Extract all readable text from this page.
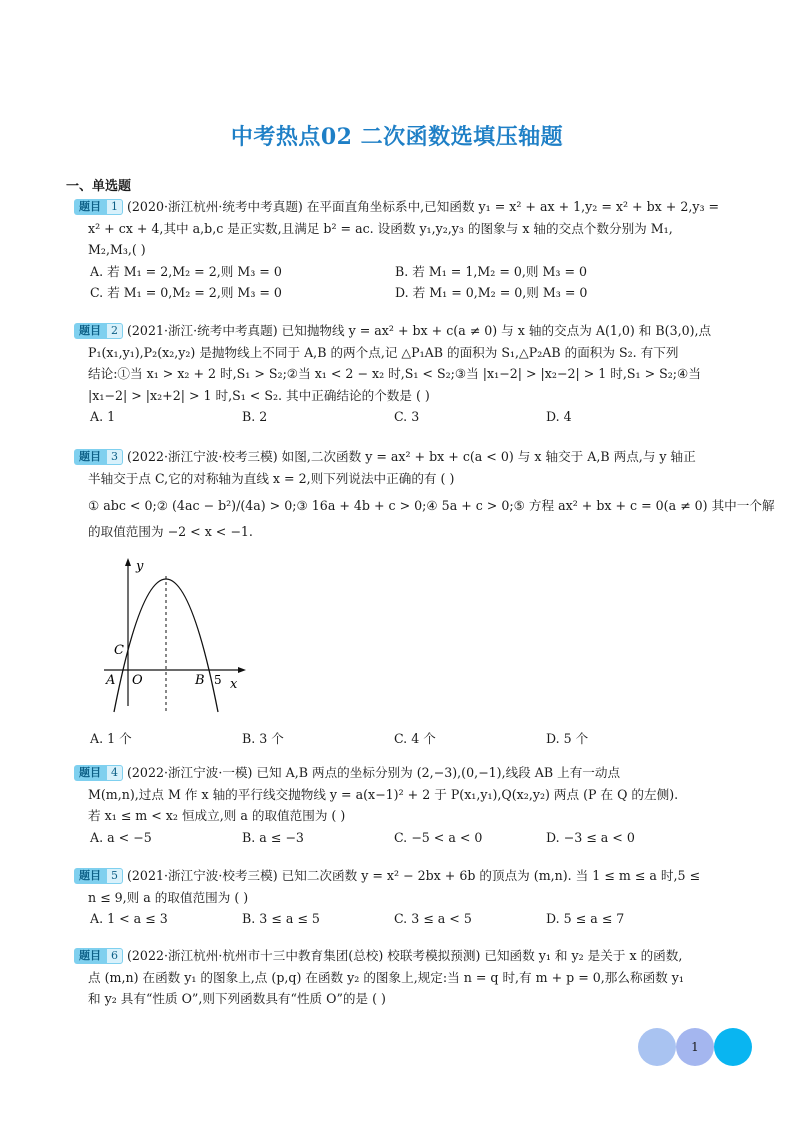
中考热点02 二次函数选填压轴题
一、单选题
题目 1 (2020·浙江杭州·统考中考真题) 在平面直角坐标系中,已知函数 y₁ = x² + ax + 1,y₂ = x² + bx + 2,y₃ =
x² + cx + 4,其中 a,b,c 是正实数,且满足 b² = ac. 设函数 y₁,y₂,y₃ 的图象与 x 轴的交点个数分别为 M₁,
M₂,M₃,( )
A. 若 M₁ = 2,M₂ = 2,则 M₃ = 0	B. 若 M₁ = 1,M₂ = 0,则 M₃ = 0
C. 若 M₁ = 0,M₂ = 2,则 M₃ = 0	D. 若 M₁ = 0,M₂ = 0,则 M₃ = 0
题目 2 (2021·浙江·统考中考真题) 已知抛物线 y = ax² + bx + c(a ≠ 0) 与 x 轴的交点为 A(1,0) 和 B(3,0),点
P₁(x₁,y₁),P₂(x₂,y₂) 是抛物线上不同于 A,B 的两个点,记 △P₁AB 的面积为 S₁,△P₂AB 的面积为 S₂. 有下列
结论:①当 x₁ > x₂ + 2 时,S₁ > S₂;②当 x₁ < 2 − x₂ 时,S₁ < S₂;③当 |x₁−2| > |x₂−2| > 1 时,S₁ > S₂;④当
|x₁−2| > |x₂+2| > 1 时,S₁ < S₂. 其中正确结论的个数是 ( )
A. 1	B. 2	C. 3	D. 4
题目 3 (2022·浙江宁波·校考三模) 如图,二次函数 y = ax² + bx + c(a < 0) 与 x 轴交于 A,B 两点,与 y 轴正
半轴交于点 C,它的对称轴为直线 x = 2,则下列说法中正确的有 ( )
① abc < 0;② (4ac − b²)/(4a) > 0;③ 16a + 4b + c > 0;④ 5a + c > 0;⑤ 方程 ax² + bx + c = 0(a ≠ 0) 其中一个解
的取值范围为 −2 < x < −1.
y
x
C
A O	B 5
A. 1 个	B. 3 个	C. 4 个	D. 5 个
题目 4 (2022·浙江宁波·一模) 已知 A,B 两点的坐标分别为 (2,−3),(0,−1),线段 AB 上有一动点
M(m,n),过点 M 作 x 轴的平行线交抛物线 y = a(x−1)² + 2 于 P(x₁,y₁),Q(x₂,y₂) 两点 (P 在 Q 的左侧).
若 x₁ ≤ m < x₂ 恒成立,则 a 的取值范围为 ( )
A. a < −5	B. a ≤ −3	C. −5 < a < 0	D. −3 ≤ a < 0
题目 5 (2021·浙江宁波·校考三模) 已知二次函数 y = x² − 2bx + 6b 的顶点为 (m,n). 当 1 ≤ m ≤ a 时,5 ≤
n ≤ 9,则 a 的取值范围为 ( )
A. 1 < a ≤ 3	B. 3 ≤ a ≤ 5	C. 3 ≤ a < 5	D. 5 ≤ a ≤ 7
题目 6 (2022·浙江杭州·杭州市十三中教育集团(总校) 校联考模拟预测) 已知函数 y₁ 和 y₂ 是关于 x 的函数,
点 (m,n) 在函数 y₁ 的图象上,点 (p,q) 在函数 y₂ 的图象上,规定:当 n = q 时,有 m + p = 0,那么称函数 y₁
和 y₂ 具有“性质 O”,则下列函数具有“性质 O”的是 ( )
1
